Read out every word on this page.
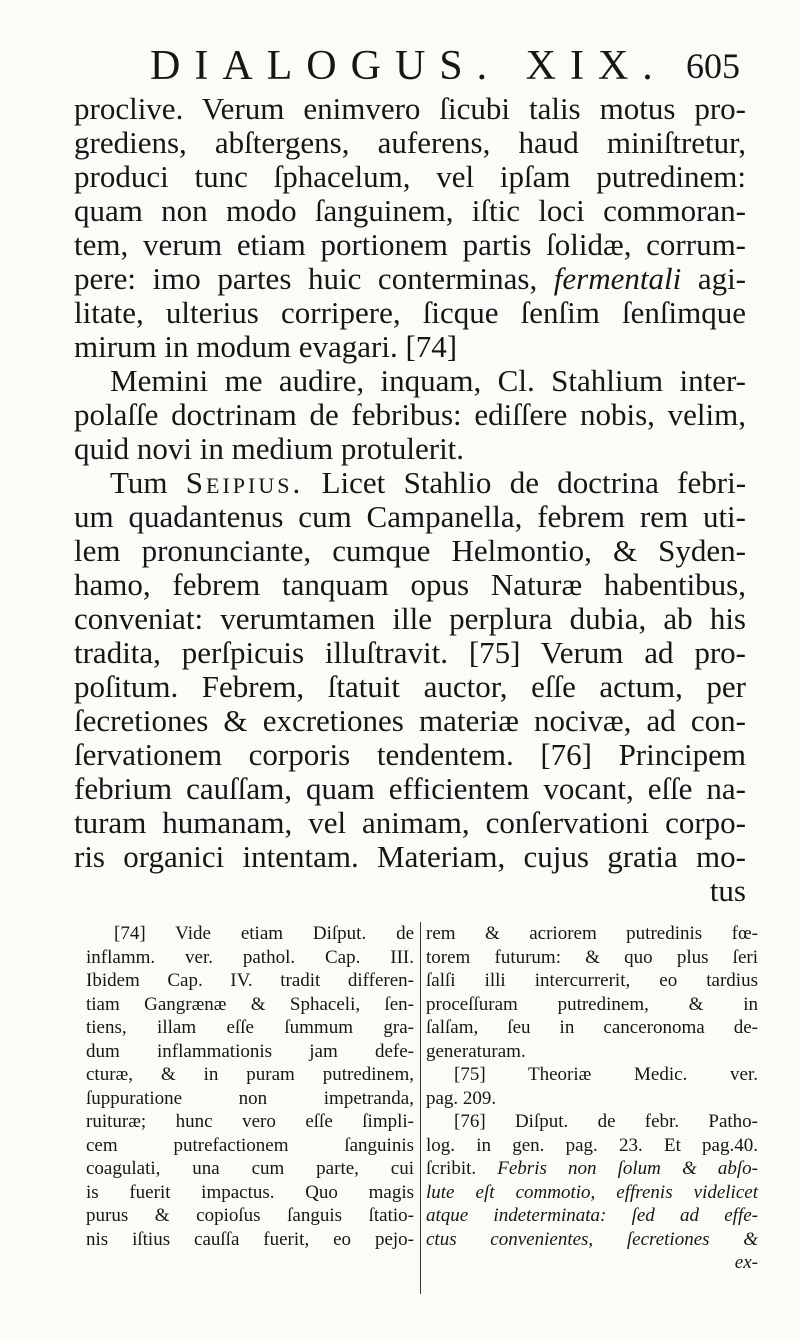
DIALOGUS. XIX. 605
proclive. Verum enimvero ſicubi talis motus pro-
grediens, abſtergens, auferens, haud miniſtretur,
produci tunc ſphacelum, vel ipſam putredinem:
quam non modo ſanguinem, iſtic loci commoran-
tem, verum etiam portionem partis ſolidæ, corrum-
pere: imo partes huic conterminas, fermentali agi-
litate, ulterius corripere, ſicque ſenſim ſenſimque
mirum in modum evagari. [74]
Memini me audire, inquam, Cl. Stahlium inter-
polaſſe doctrinam de febribus: ediſſere nobis, velim,
quid novi in medium protulerit.
Tum Seipius. Licet Stahlio de doctrina febri-
um quadantenus cum Campanella, febrem rem uti-
lem pronunciante, cumque Helmontio, & Syden-
hamo, febrem tanquam opus Naturæ habentibus,
conveniat: verumtamen ille perplura dubia, ab his
tradita, perſpicuis illuſtravit. [75] Verum ad pro-
poſitum. Febrem, ſtatuit auctor, eſſe actum, per
ſecretiones & excretiones materiæ nocivæ, ad con-
ſervationem corporis tendentem. [76] Principem
febrium cauſſam, quam efficientem vocant, eſſe na-
turam humanam, vel animam, conſervationi corpo-
ris organici intentam. Materiam, cujus gratia mo-
tus
[74] Vide etiam Diſput. de
inflamm. ver. pathol. Cap. III.
Ibidem Cap. IV. tradit differen-
tiam Gangrænæ & Sphaceli, ſen-
tiens, illam eſſe ſummum gra-
dum inflammationis jam defe-
cturæ, & in puram putredinem,
ſuppuratione non impetranda,
ruituræ; hunc vero eſſe ſimpli-
cem putrefactionem ſanguinis
coagulati, una cum parte, cui
is fuerit impactus. Quo magis
purus & copioſus ſanguis ſtatio-
nis iſtius cauſſa fuerit, eo pejo-
rem & acriorem putredinis fœ-
torem futurum: & quo plus ſeri
ſalſi illi intercurrerit, eo tardius
proceſſuram putredinem, & in
ſalſam, ſeu in canceronoma de-
generaturam.
[75] Theoriæ Medic. ver.
pag. 209.
[76] Diſput. de febr. Patho-
log. in gen. pag. 23. Et pag.40.
ſcribit. Febris non ſolum & abſo-
lute eſt commotio, effrenis videlicet
atque indeterminata: ſed ad effe-
ctus convenientes, ſecretiones &
ex-
